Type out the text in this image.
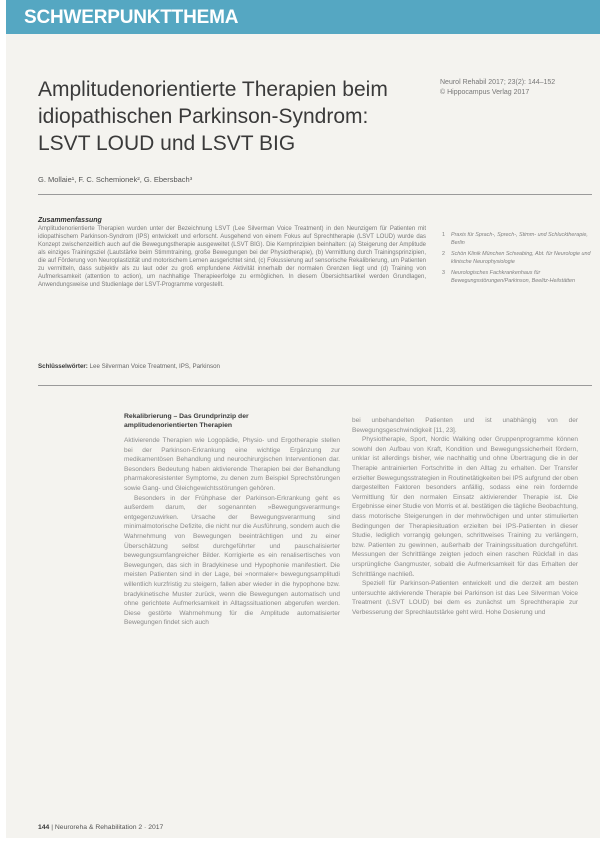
SCHWERPUNKTTHEMA
Amplitudenorientierte Therapien beim
idiopathischen Parkinson-Syndrom:
LSVT LOUD und LSVT BIG
Neurol Rehabil 2017; 23(2): 144–152
© Hippocampus Verlag 2017
G. Mollaie¹, F. C. Schemionek², G. Ebersbach³
Zusammenfassung
Amplitudenorientierte Therapien wurden unter der Bezeichnung LSVT (Lee Silverman Voice Treatment) in den Neunzigern für Patienten mit idiopathischem Parkinson-Syndrom (IPS) entwickelt und erforscht. Ausgehend von einem Fokus auf Sprechtherapie (LSVT LOUD) wurde das Konzept zwischenzeitlich auch auf die Bewegungstherapie ausgeweitet (LSVT BIG). Die Kernprinzipien beinhalten: (a) Steigerung der Amplitude als einziges Trainingsziel (Lautstärke beim Stimmtraining, große Bewegungen bei der Physiotherapie), (b) Vermittlung durch Trainingsprinzipien, die auf Förderung von Neuroplastizität und motorischem Lernen ausgerichtet sind, (c) Fokussierung auf sensorische Rekalibrierung, um Patienten zu vermitteln, dass subjektiv als zu laut oder zu groß empfundene Aktivität innerhalb der normalen Grenzen liegt und (d) Training von Aufmerksamkeit (attention to action), um nachhaltige Therapieerfolge zu ermöglichen. In diesem Übersichtsartikel werden Grundlagen, Anwendungsweise und Studienlage der LSVT-Programme vorgestellt.
Schlüsselwörter: Lee Silverman Voice Treatment, IPS, Parkinson
1	Praxis für Sprach-, Sprech-, Stimm- und Schlucktherapie, Berlin
2	Schön Klinik München Schwabing, Abt. für Neurologie und klinische Neurophysiologie
3	Neurologisches Fachkrankenhaus für Bewegungsstörungen/Parkinson, Beelitz-Heilstätten
Rekalibrierung – Das Grundprinzip der
amplitudenorientierten Therapien

Aktivierende Therapien wie Logopädie, Physio- und Ergotherapie stellen bei der Parkinson-Erkrankung eine wichtige Ergänzung zur medikamentösen Behandlung und neurochirurgischen Interventionen dar. Besonders Bedeutung haben aktivierende Therapien bei der Behandlung pharmakoresistenter Symptome, zu denen zum Beispiel Sprechstörungen sowie Gang- und Gleichgewichtsstörungen gehören.

Besonders in der Frühphase der Parkinson-Erkrankung geht es außerdem darum, der sogenannten »Bewegungsverarmung« entgegenzuwirken. Ursache der Bewegungsverarmung sind minimalmotorische Defizite, die nicht nur die Ausführung, sondern auch die Wahrnehmung von Bewegungen beeinträchtigen und zu einer Überschätzung selbst durchgeführter und pauschalisierter bewegungsumfangreicher Bilder. Korrigierte es ein renalisertisches von Bewegungen, das sich in Bradykinese und Hypophonie manifestiert. Die meisten Patienten sind in der Lage, bei »normaler« bewegungsamplitudi willentlich kurzfristig zu steigern, fallen aber wieder in die hypophone bzw. bradykinetische Muster zurück, wenn die Bewegungen automatisch und ohne gerichtete Aufmerksamkeit in Alltagssituationen abgerufen werden. Diese gestörte Wahrnehmung für die Amplitude automatisierter Bewegungen findet sich auch

bei unbehandelten Patienten und ist unabhängig von der Bewegungsgeschwindigkeit [11, 23].

Physiotherapie, Sport, Nordic Walking oder Gruppenprogramme können sowohl den Aufbau von Kraft, Kondition und Bewegungssicherheit fördern, unklar ist allerdings bisher, wie nachhaltig und ohne Übertragung die in der Therapie antrainierten Fortschritte in den Alltag zu erhalten. Der Transfer erzielter Bewegungsstrategien in Routinetätigkeiten bei IPS aufgrund der oben dargestellten Faktoren besonders anfällig, sodass eine rein fordernde Vermittlung für den normalen Einsatz aktivierender Therapie ist. Die Ergebnisse einer Studie von Morris et al. bestätigen die tägliche Beobachtung, dass motorische Steigerungen in der mehrwöchigen und unter stimulierten Bedingungen der Therapiesituation erzielten bei IPS-Patienten in dieser Studie, lediglich vorrangig gelungen, schrittweises Training zu verlängern, bzw. Patienten zu gewinnen, außerhalb der Trainingssituation durchgeführt. Messungen der Schrittlänge zeigten jedoch einen raschen Rückfall in das ursprüngliche Gangmuster, sobald die Aufmerksamkeit für das Erhalten der Schrittlänge nachließ.

Speziell für Parkinson-Patienten entwickelt und die derzeit am besten untersuchte aktivierende Therapie bei Parkinson ist das Lee Silverman Voice Treatment (LSVT LOUD) bei dem es zunächst um Sprechtherapie zur Verbesserung der Sprechlautstärke geht wird. Hohe Dosierung und

144 | Neuroreha & Rehabilitation 2 · 2017
